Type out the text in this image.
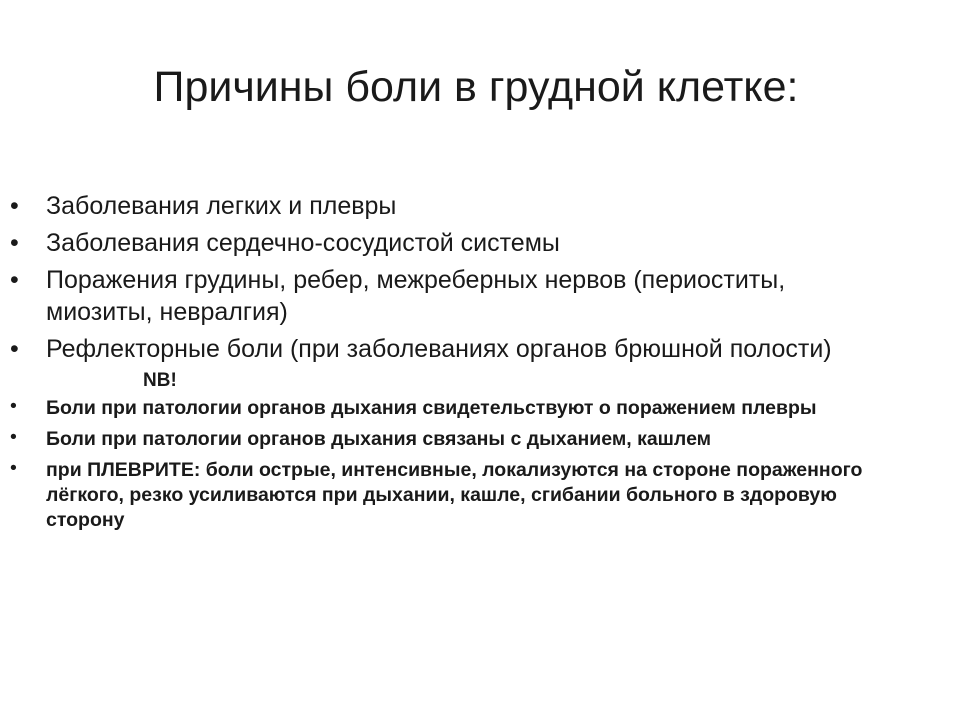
Причины боли в грудной клетке:
•	Заболевания легких и плевры
•	Заболевания сердечно-сосудистой системы
•	Поражения грудины, ребер, межреберных нервов (периоститы, миозиты, невралгия)
•	Рефлекторные боли (при заболеваниях органов брюшной полости)
NB!
•	Боли при патологии органов дыхания свидетельствуют о поражением плевры
•	Боли при патологии органов дыхания связаны с дыханием, кашлем
•	при ПЛЕВРИТЕ: боли острые, интенсивные, локализуются на стороне пораженного лёгкого, резко усиливаются при дыхании, кашле, сгибании больного в здоровую сторону
